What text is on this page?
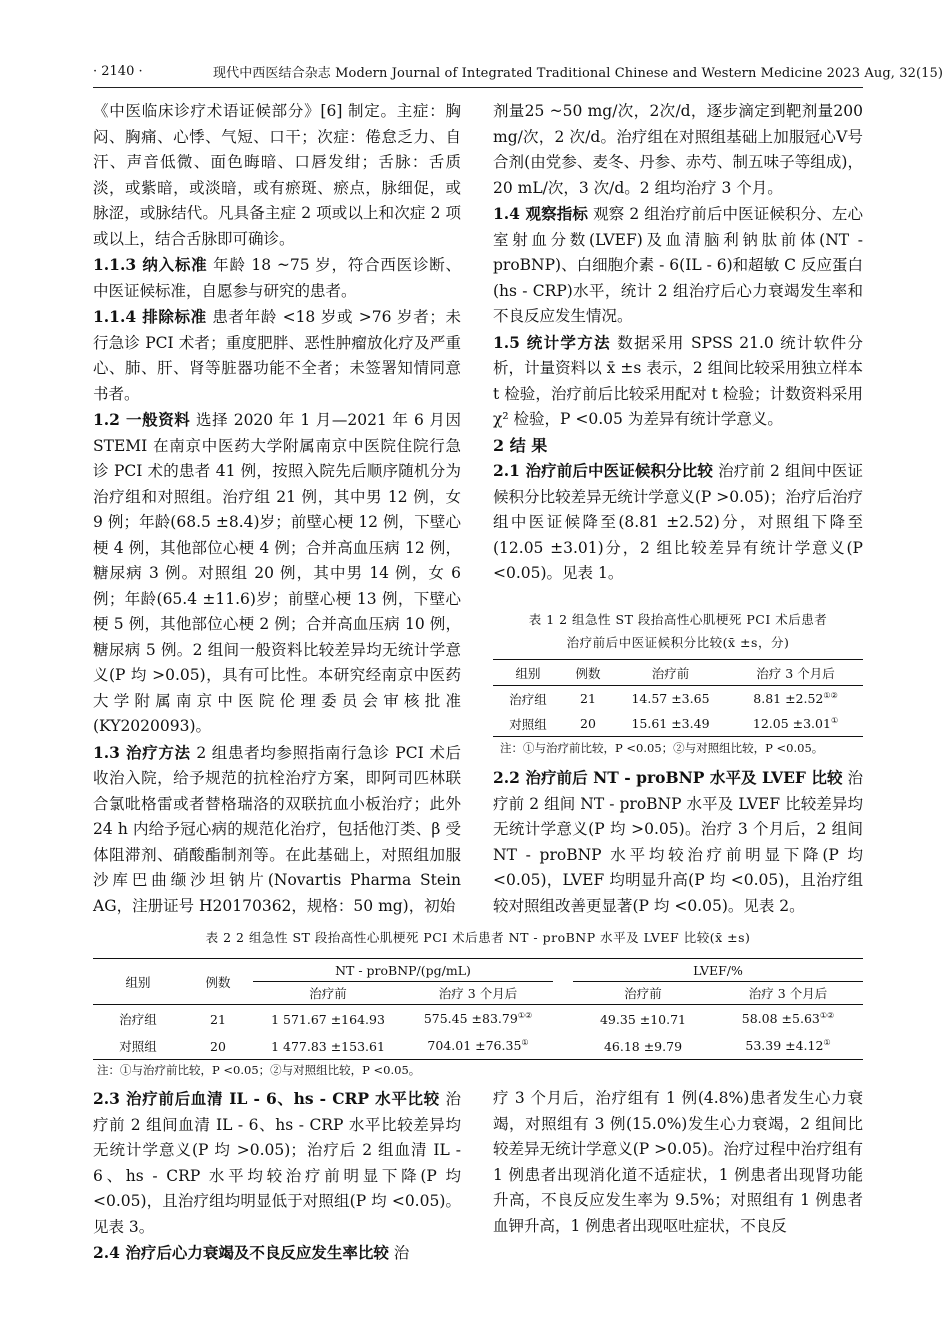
· 2140 ·	现代中西医结合杂志 Modern Journal of Integrated Traditional Chinese and Western Medicine 2023 Aug, 32(15)

《中医临床诊疗术语证候部分》[6] 制定。主症：胸闷、胸痛、心悸、气短、口干；次症：倦怠乏力、自汗、声音低微、面色晦暗、口唇发绀；舌脉：舌质淡，或紫暗，或淡暗，或有瘀斑、瘀点，脉细促，或脉涩，或脉结代。凡具备主症 2 项或以上和次症 2 项或以上，结合舌脉即可确诊。

1.1.3 纳入标准 年龄 18 ~75 岁，符合西医诊断、中医证候标准，自愿参与研究的患者。

1.1.4 排除标准 患者年龄 <18 岁或 >76 岁者；未行急诊 PCI 术者；重度肥胖、恶性肿瘤放化疗及严重心、肺、肝、肾等脏器功能不全者；未签署知情同意书者。

1.2 一般资料 选择 2020 年 1 月—2021 年 6 月因 STEMI 在南京中医药大学附属南京中医院住院行急诊 PCI 术的患者 41 例，按照入院先后顺序随机分为治疗组和对照组。治疗组 21 例，其中男 12 例，女 9 例；年龄(68.5 ±8.4)岁；前壁心梗 12 例，下壁心梗 4 例，其他部位心梗 4 例；合并高血压病 12 例，糖尿病 3 例。对照组 20 例，其中男 14 例，女 6 例；年龄(65.4 ±11.6)岁；前壁心梗 13 例，下壁心梗 5 例，其他部位心梗 2 例；合并高血压病 10 例，糖尿病 5 例。2 组间一般资料比较差异均无统计学意义(P 均 >0.05)，具有可比性。本研究经南京中医药大学附属南京中医院伦理委员会审核批准(KY2020093)。

1.3 治疗方法 2 组患者均参照指南行急诊 PCI 术后收治入院，给予规范的抗栓治疗方案，即阿司匹林联合氯吡格雷或者替格瑞洛的双联抗血小板治疗；此外 24 h 内给予冠心病的规范化治疗，包括他汀类、β 受体阻滞剂、硝酸酯制剂等。在此基础上，对照组加服沙库巴曲缬沙坦钠片(Novartis Pharma Stein AG，注册证号 H20170362，规格：50 mg)，初始

剂量25 ~50 mg/次，2次/d，逐步滴定到靶剂量200 mg/次，2 次/d。治疗组在对照组基础上加服冠心Ⅴ号合剂(由党参、麦冬、丹参、赤芍、制五味子等组成)，20 mL/次，3 次/d。2 组均治疗 3 个月。

1.4 观察指标 观察 2 组治疗前后中医证候积分、左心室射血分数(LVEF)及血清脑利钠肽前体(NT - proBNP)、白细胞介素 - 6(IL - 6)和超敏 C 反应蛋白(hs - CRP)水平，统计 2 组治疗后心力衰竭发生率和不良反应发生情况。

1.5 统计学方法 数据采用 SPSS 21.0 统计软件分析，计量资料以 x̄ ±s 表示，2 组间比较采用独立样本 t 检验，治疗前后比较采用配对 t 检验；计数资料采用 χ² 检验，P <0.05 为差异有统计学意义。

2 结 果

2.1 治疗前后中医证候积分比较 治疗前 2 组间中医证候积分比较差异无统计学意义(P >0.05)；治疗后治疗组中医证候降至(8.81 ±2.52)分，对照组下降至(12.05 ±3.01)分，2 组比较差异有统计学意义(P <0.05)。见表 1。

表 1 2 组急性 ST 段抬高性心肌梗死 PCI 术后患者
治疗前后中医证候积分比较(x̄ ±s，分)
组别	例数	治疗前	治疗 3 个月后
治疗组	21	14.57 ±3.65	8.81 ±2.52①②
对照组	20	15.61 ±3.49	12.05 ±3.01①
注：①与治疗前比较，P <0.05；②与对照组比较，P <0.05。

2.2 治疗前后 NT - proBNP 水平及 LVEF 比较 治疗前 2 组间 NT - proBNP 水平及 LVEF 比较差异均无统计学意义(P 均 >0.05)。治疗 3 个月后，2 组间 NT - proBNP 水平均较治疗前明显下降(P 均 <0.05)，LVEF 均明显升高(P 均 <0.05)，且治疗组较对照组改善更显著(P 均 <0.05)。见表 2。

表 2 2 组急性 ST 段抬高性心肌梗死 PCI 术后患者 NT - proBNP 水平及 LVEF 比较(x̄ ±s)
组别	例数	NT - proBNP/(pg/mL)			LVEF/%	
		治疗前	治疗 3 个月后		治疗前	治疗 3 个月后
治疗组	21	1 571.67 ±164.93	575.45 ±83.79①②		49.35 ±10.71	58.08 ±5.63①②
对照组	20	1 477.83 ±153.61	704.01 ±76.35①		46.18 ±9.79	53.39 ±4.12①
注：①与治疗前比较，P <0.05；②与对照组比较，P <0.05。

2.3 治疗前后血清 IL - 6、hs - CRP 水平比较 治疗前 2 组间血清 IL - 6、hs - CRP 水平比较差异均无统计学意义(P 均 >0.05)；治疗后 2 组血清 IL - 6、hs - CRP 水平均较治疗前明显下降(P 均 <0.05)，且治疗组均明显低于对照组(P 均 <0.05)。见表 3。

2.4 治疗后心力衰竭及不良反应发生率比较 治

疗 3 个月后，治疗组有 1 例(4.8%)患者发生心力衰竭，对照组有 3 例(15.0%)发生心力衰竭，2 组间比较差异无统计学意义(P >0.05)。治疗过程中治疗组有 1 例患者出现消化道不适症状，1 例患者出现肾功能升高，不良反应发生率为 9.5%；对照组有 1 例患者血钾升高，1 例患者出现呕吐症状，不良反
